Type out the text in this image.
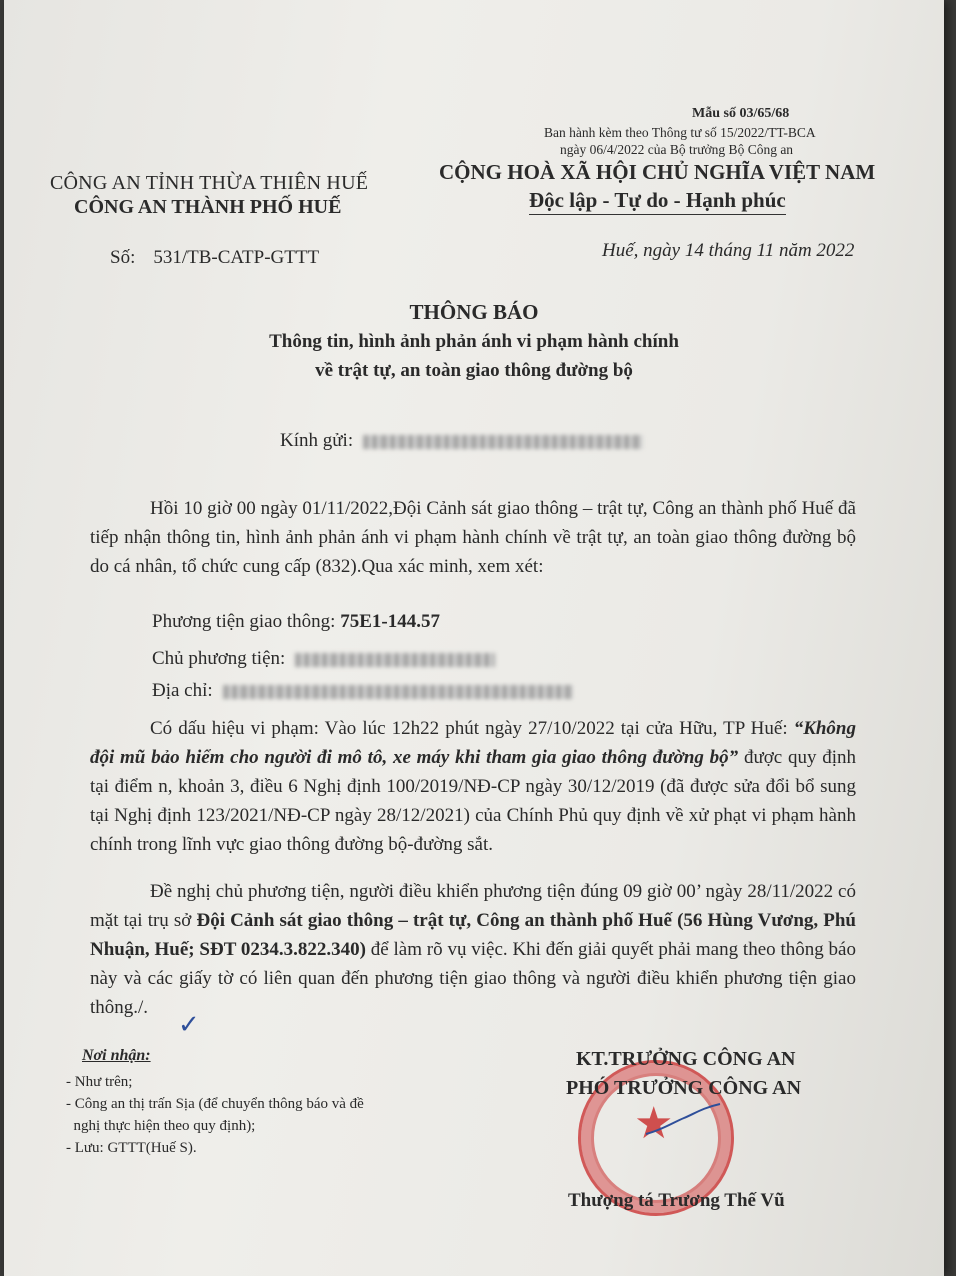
Mẫu số 03/65/68
Ban hành kèm theo Thông tư số 15/2022/TT-BCA
ngày 06/4/2022 của Bộ trưởng Bộ Công an
CÔNG AN TỈNH THỪA THIÊN HUẾ
CÔNG AN THÀNH PHỐ HUẾ
CỘNG HOÀ XÃ HỘI CHỦ NGHĨA VIỆT NAM
Độc lập - Tự do - Hạnh phúc
Số: 531/TB-CATP-GTTT	Huế, ngày 14 tháng 11 năm 2022
THÔNG BÁO
Thông tin, hình ảnh phản ánh vi phạm hành chính
về trật tự, an toàn giao thông đường bộ
Kính gửi:
Hồi 10 giờ 00 ngày 01/11/2022,Đội Cảnh sát giao thông – trật tự, Công an thành phố Huế đã tiếp nhận thông tin, hình ảnh phản ánh vi phạm hành chính về trật tự, an toàn giao thông đường bộ do cá nhân, tổ chức cung cấp (832).Qua xác minh, xem xét:
Phương tiện giao thông: 75E1-144.57
Chủ phương tiện:
Địa chỉ:
Có dấu hiệu vi phạm: Vào lúc 12h22 phút ngày 27/10/2022 tại cửa Hữu, TP Huế: “Không đội mũ bảo hiểm cho người đi mô tô, xe máy khi tham gia giao thông đường bộ” được quy định tại điểm n, khoản 3, điều 6 Nghị định 100/2019/NĐ-CP ngày 30/12/2019 (đã được sửa đổi bổ sung tại Nghị định 123/2021/NĐ-CP ngày 28/12/2021) của Chính Phủ quy định về xử phạt vi phạm hành chính trong lĩnh vực giao thông đường bộ-đường sắt.
Đề nghị chủ phương tiện, người điều khiển phương tiện đúng 09 giờ 00’ ngày 28/11/2022 có mặt tại trụ sở Đội Cảnh sát giao thông – trật tự, Công an thành phố Huế (56 Hùng Vương, Phú Nhuận, Huế; SĐT 0234.3.822.340) để làm rõ vụ việc. Khi đến giải quyết phải mang theo thông báo này và các giấy tờ có liên quan đến phương tiện giao thông và người điều khiển phương tiện giao thông./.
✓
Nơi nhận:
- Như trên;
- Công an thị trấn Sịa (để chuyển thông báo và đề
nghị thực hiện theo quy định);
- Lưu: GTTT(Huế S).	★
KT.TRƯỞNG CÔNG AN
PHÓ TRƯỞNG CÔNG AN
Thượng tá Trương Thế Vũ
